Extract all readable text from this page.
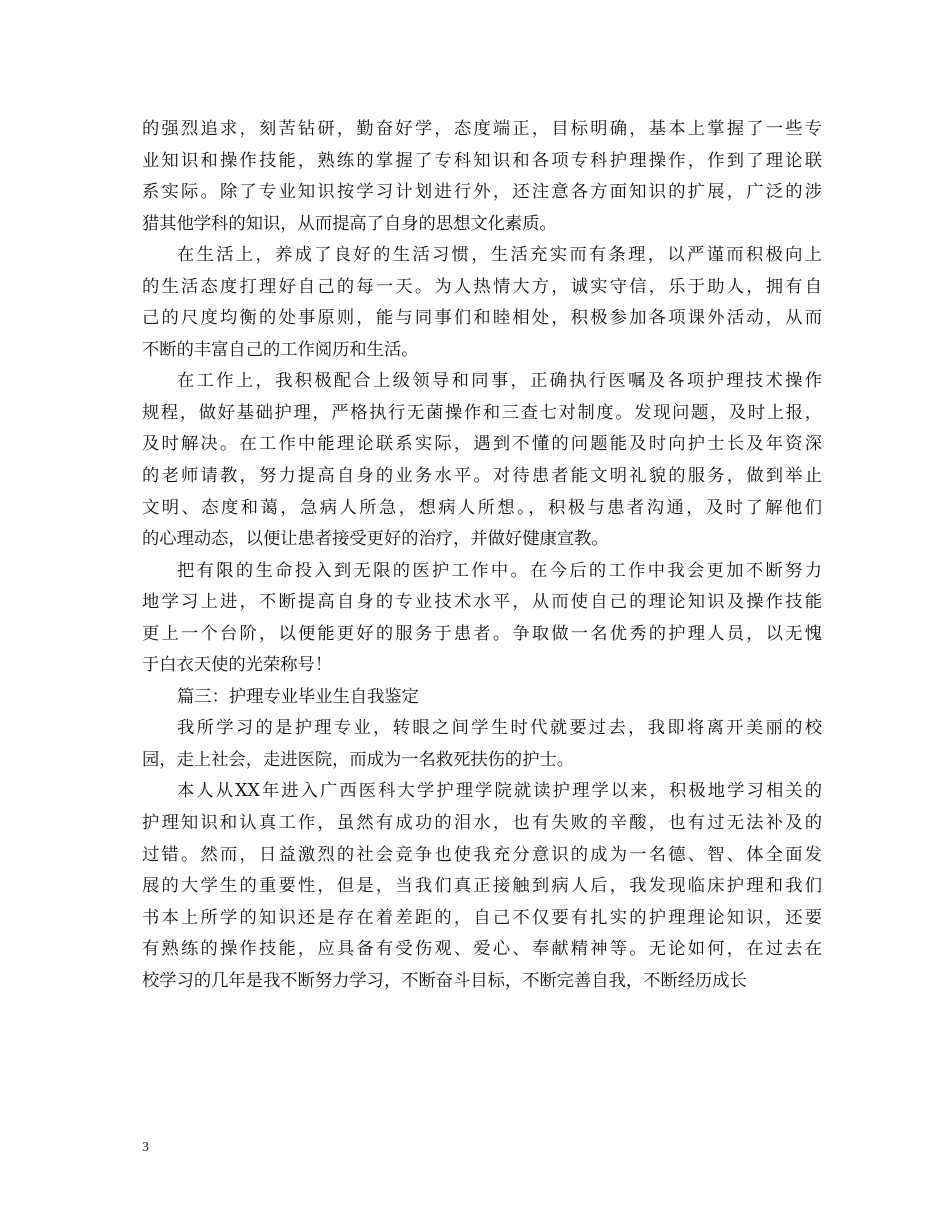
的强烈追求，刻苦钻研，勤奋好学，态度端正，目标明确，基本上掌握了一些专
业知识和操作技能，熟练的掌握了专科知识和各项专科护理操作，作到了理论联
系实际。除了专业知识按学习计划进行外，还注意各方面知识的扩展，广泛的涉
猎其他学科的知识，从而提高了自身的思想文化素质。
在生活上，养成了良好的生活习惯，生活充实而有条理，以严谨而积极向上
的生活态度打理好自己的每一天。为人热情大方，诚实守信，乐于助人，拥有自
己的尺度均衡的处事原则，能与同事们和睦相处，积极参加各项课外活动，从而
不断的丰富自己的工作阅历和生活。
在工作上，我积极配合上级领导和同事，正确执行医嘱及各项护理技术操作
规程，做好基础护理，严格执行无菌操作和三查七对制度。发现问题，及时上报，
及时解决。在工作中能理论联系实际，遇到不懂的问题能及时向护士长及年资深
的老师请教，努力提高自身的业务水平。对待患者能文明礼貌的服务，做到举止
文明、态度和蔼，急病人所急，想病人所想。，积极与患者沟通，及时了解他们
的心理动态，以便让患者接受更好的治疗，并做好健康宣教。
把有限的生命投入到无限的医护工作中。在今后的工作中我会更加不断努力
地学习上进，不断提高自身的专业技术水平，从而使自己的理论知识及操作技能
更上一个台阶，以便能更好的服务于患者。争取做一名优秀的护理人员，以无愧
于白衣天使的光荣称号！
篇三：护理专业毕业生自我鉴定
我所学习的是护理专业，转眼之间学生时代就要过去，我即将离开美丽的校
园，走上社会，走进医院，而成为一名救死扶伤的护士。
本人从XX年进入广西医科大学护理学院就读护理学以来，积极地学习相关的
护理知识和认真工作，虽然有成功的泪水，也有失败的辛酸，也有过无法补及的
过错。然而，日益激烈的社会竞争也使我充分意识的成为一名德、智、体全面发
展的大学生的重要性，但是，当我们真正接触到病人后，我发现临床护理和我们
书本上所学的知识还是存在着差距的，自己不仅要有扎实的护理理论知识，还要
有熟练的操作技能，应具备有受伤观、爱心、奉献精神等。无论如何，在过去在
校学习的几年是我不断努力学习，不断奋斗目标，不断完善自我，不断经历成长
3
